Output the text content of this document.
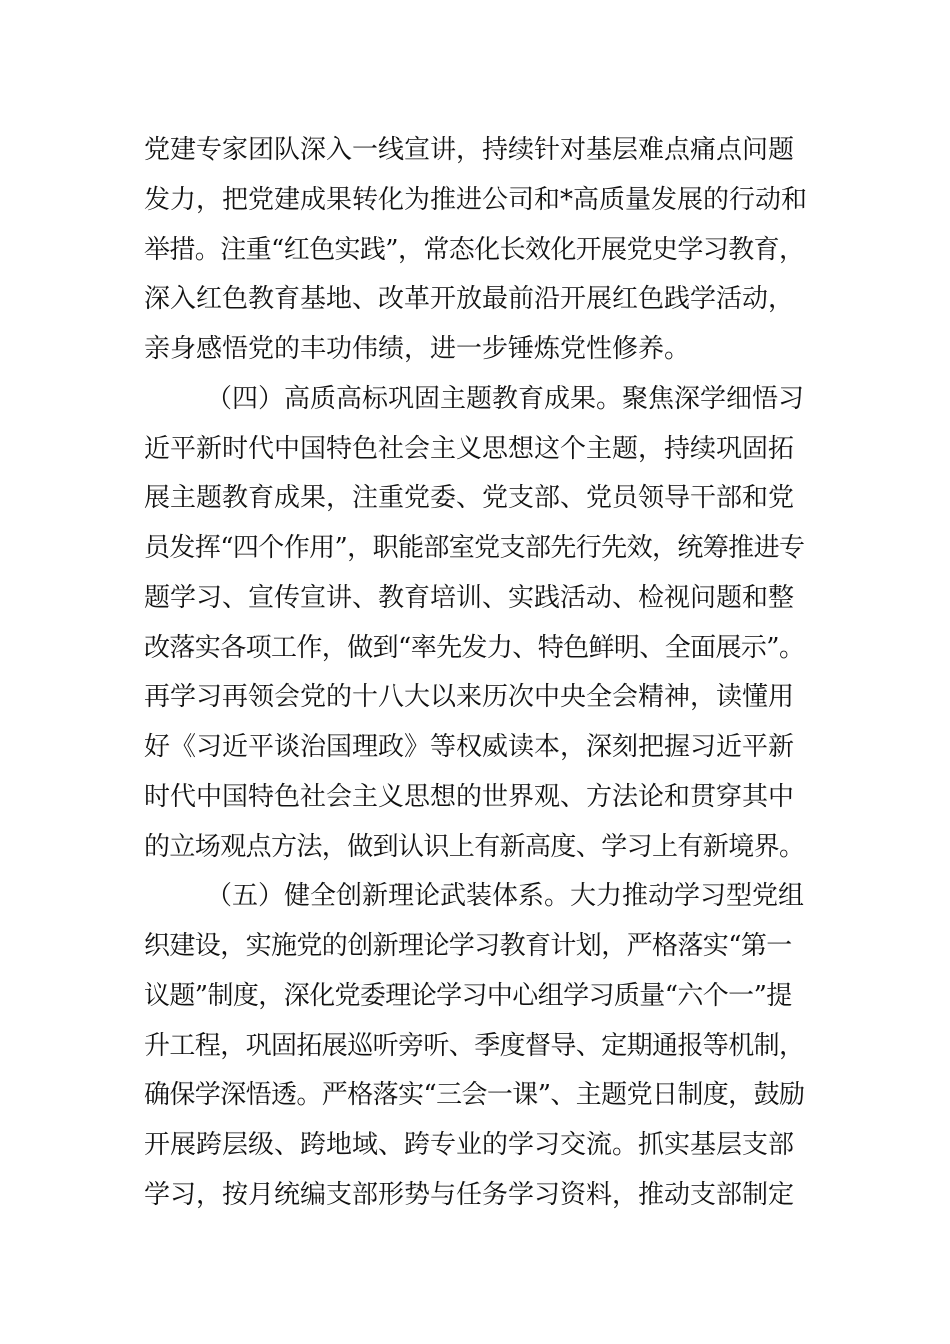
党建专家团队深入一线宣讲，持续针对基层难点痛点问题
发力，把党建成果转化为推进公司和*高质量发展的行动和
举措。注重“红色实践”，常态化长效化开展党史学习教育，
深入红色教育基地、改革开放最前沿开展红色践学活动，
亲身感悟党的丰功伟绩，进一步锤炼党性修养。
（四）高质高标巩固主题教育成果。聚焦深学细悟习
近平新时代中国特色社会主义思想这个主题，持续巩固拓
展主题教育成果，注重党委、党支部、党员领导干部和党
员发挥“四个作用”，职能部室党支部先行先效，统筹推进专
题学习、宣传宣讲、教育培训、实践活动、检视问题和整
改落实各项工作，做到“率先发力、特色鲜明、全面展示”。
再学习再领会党的十八大以来历次中央全会精神，读懂用
好《习近平谈治国理政》等权威读本，深刻把握习近平新
时代中国特色社会主义思想的世界观、方法论和贯穿其中
的立场观点方法，做到认识上有新高度、学习上有新境界。
（五）健全创新理论武装体系。大力推动学习型党组
织建设，实施党的创新理论学习教育计划，严格落实“第一
议题”制度，深化党委理论学习中心组学习质量“六个一”提
升工程，巩固拓展巡听旁听、季度督导、定期通报等机制，
确保学深悟透。严格落实“三会一课”、主题党日制度，鼓励
开展跨层级、跨地域、跨专业的学习交流。抓实基层支部
学习，按月统编支部形势与任务学习资料，推动支部制定
